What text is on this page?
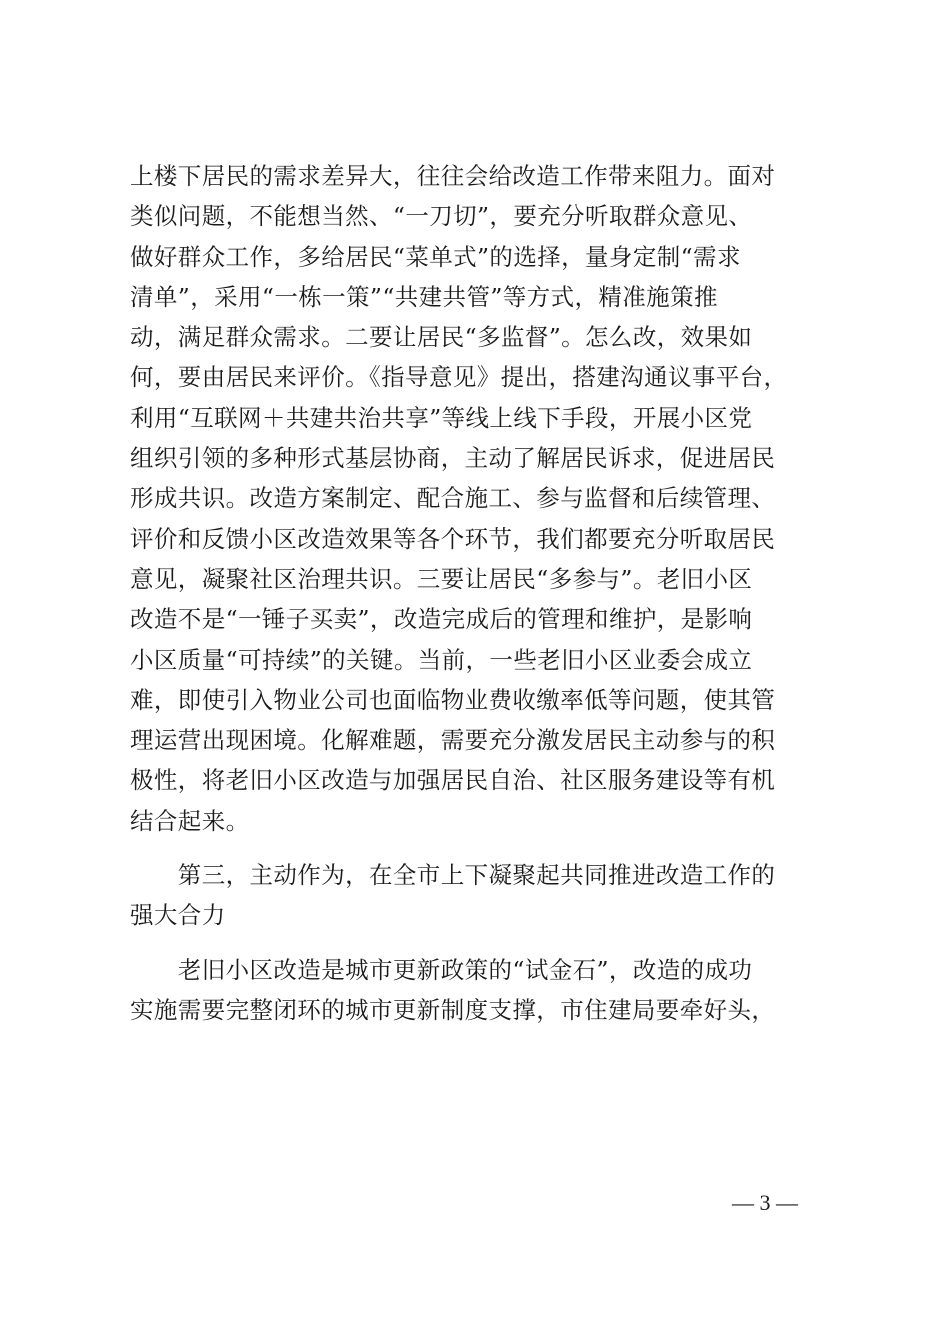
上楼下居民的需求差异大，往往会给改造工作带来阻力。面对
类似问题，不能想当然、“一刀切”，要充分听取群众意见、
做好群众工作，多给居民“菜单式”的选择，量身定制“需求
清单”，采用“一栋一策”“共建共管”等方式，精准施策推
动，满足群众需求。二要让居民“多监督”。怎么改，效果如
何，要由居民来评价。《指导意见》提出，搭建沟通议事平台，
利用“互联网＋共建共治共享”等线上线下手段，开展小区党
组织引领的多种形式基层协商，主动了解居民诉求，促进居民
形成共识。改造方案制定、配合施工、参与监督和后续管理、
评价和反馈小区改造效果等各个环节，我们都要充分听取居民
意见，凝聚社区治理共识。三要让居民“多参与”。老旧小区
改造不是“一锤子买卖”，改造完成后的管理和维护，是影响
小区质量“可持续”的关键。当前，一些老旧小区业委会成立
难，即使引入物业公司也面临物业费收缴率低等问题，使其管
理运营出现困境。化解难题，需要充分激发居民主动参与的积
极性，将老旧小区改造与加强居民自治、社区服务建设等有机
结合起来。
　　第三，主动作为，在全市上下凝聚起共同推进改造工作的
强大合力
　　老旧小区改造是城市更新政策的“试金石”，改造的成功
实施需要完整闭环的城市更新制度支撑，市住建局要牵好头，
— 3 —
